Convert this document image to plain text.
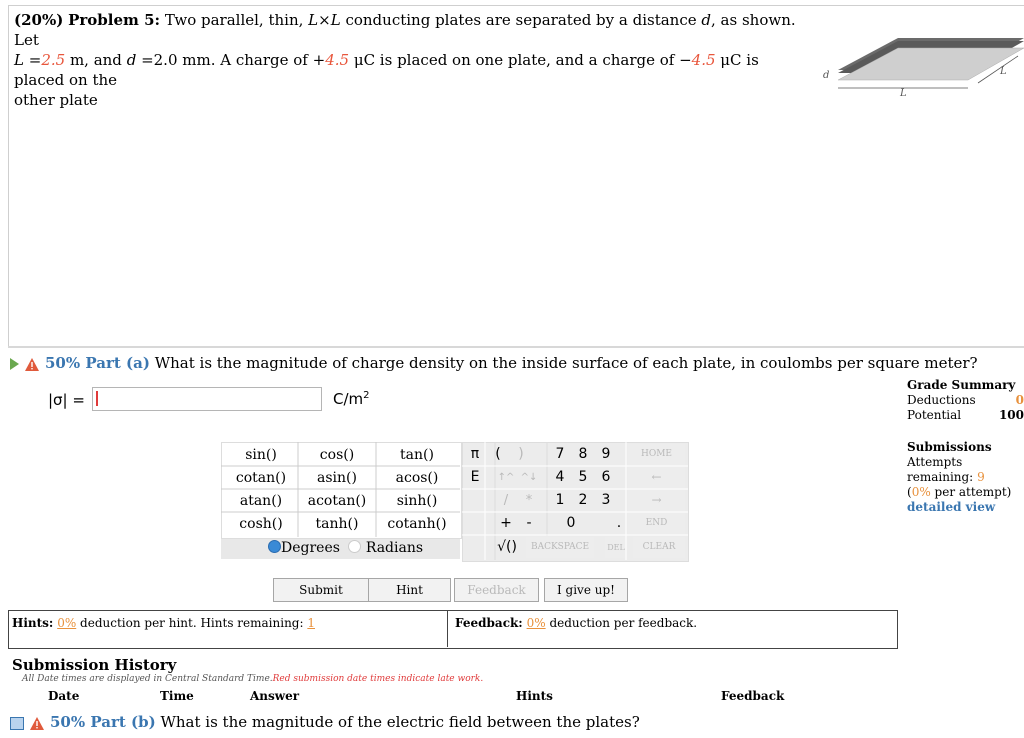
(20%) Problem 5: Two parallel, thin, L×L conducting plates are separated by a distance d, as shown. Let
L =2.5 m, and d =2.0 mm. A charge of +4.5 μC is placed on one plate, and a charge of −4.5 μC is placed on the
other plate	L
L
d
50% Part (a) What is the magnitude of charge density on the inside surface of each plate, in coulombs per square meter?
|σ| =	$C/m^2$
Grade Summary
Deductions	0
Potential	100
Submissions
Attempts remaining: 9
(0% per attempt)
detailed view
sin()	cos()	tan()
cotan()	asin()	acos()
atan()	acotan()	sinh()
cosh()	tanh()	cotanh()
Degrees Radians
π	(	)	7	8	9	HOME
E	↑^ ^↓	4	5	6	←
/	*	1	2	3	→
+	-	0	.	END
√()	BACKSPACE	DEL	CLEAR
Submit	Hint	Feedback	I give up!
Hints: 0% deduction per hint. Hints remaining: 1	Feedback: 0% deduction per feedback.
Submission History
All Date times are displayed in Central Standard Time.Red submission date times indicate late work.
Date	Time	Answer	Hints	Feedback
50% Part (b) What is the magnitude of the electric field between the plates?
